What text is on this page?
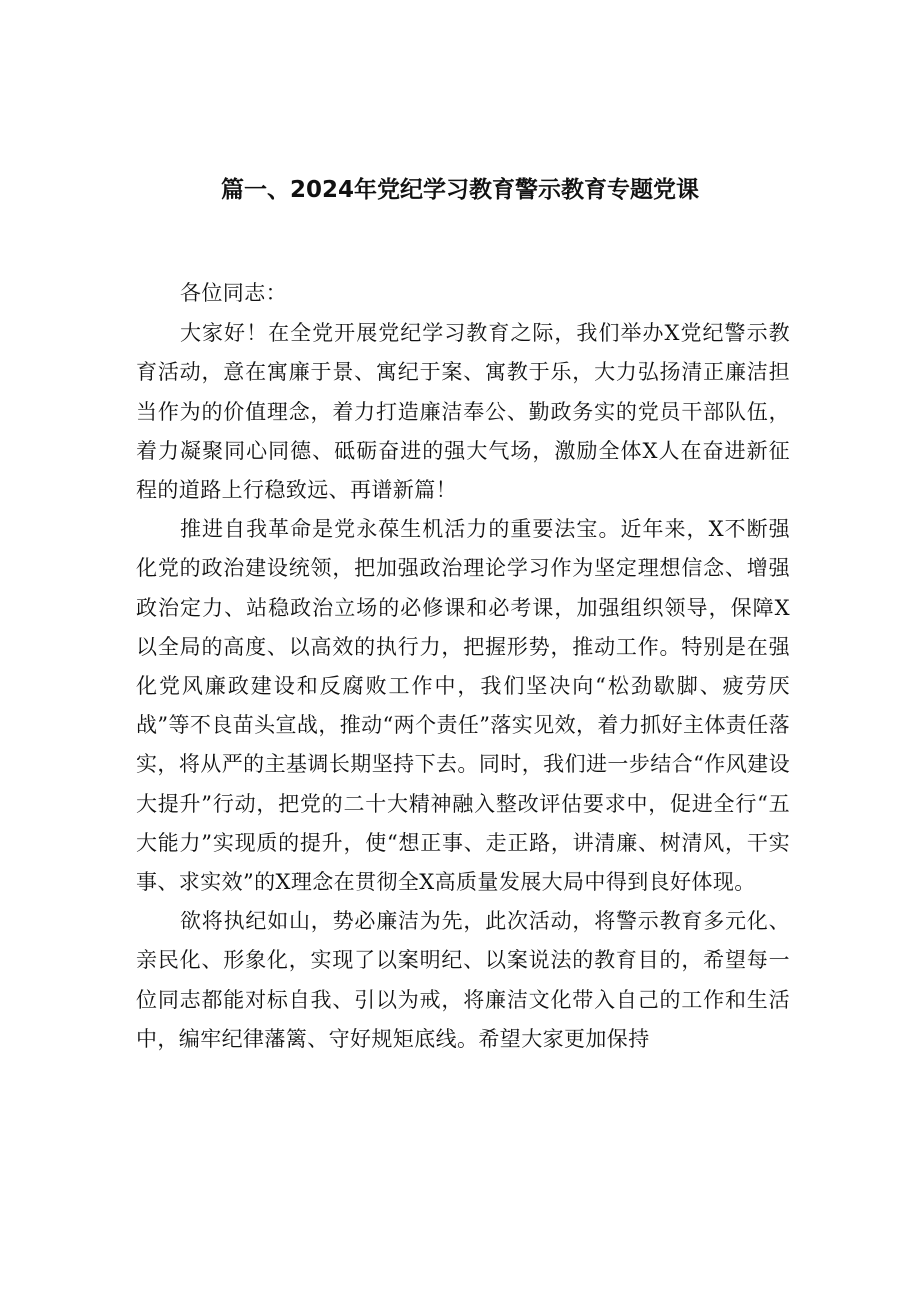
篇一、2024年党纪学习教育警示教育专题党课

各位同志：

大家好！在全党开展党纪学习教育之际，我们举办X党纪警示教育活动，意在寓廉于景、寓纪于案、寓教于乐，大力弘扬清正廉洁担当作为的价值理念，着力打造廉洁奉公、勤政务实的党员干部队伍，着力凝聚同心同德、砥砺奋进的强大气场，激励全体X人在奋进新征程的道路上行稳致远、再谱新篇！

推进自我革命是党永葆生机活力的重要法宝。近年来，X不断强化党的政治建设统领，把加强政治理论学习作为坚定理想信念、增强政治定力、站稳政治立场的必修课和必考课，加强组织领导，保障X以全局的高度、以高效的执行力，把握形势，推动工作。特别是在强化党风廉政建设和反腐败工作中，我们坚决向“松劲歇脚、疲劳厌战”等不良苗头宣战，推动“两个责任”落实见效，着力抓好主体责任落实，将从严的主基调长期坚持下去。同时，我们进一步结合“作风建设大提升”行动，把党的二十大精神融入整改评估要求中，促进全行“五大能力”实现质的提升，使“想正事、走正路，讲清廉、树清风，干实事、求实效”的X理念在贯彻全X高质量发展大局中得到良好体现。

欲将执纪如山，势必廉洁为先，此次活动，将警示教育多元化、亲民化、形象化，实现了以案明纪、以案说法的教育目的，希望每一位同志都能对标自我、引以为戒，将廉洁文化带入自己的工作和生活中，编牢纪律藩篱、守好规矩底线。希望大家更加保持
